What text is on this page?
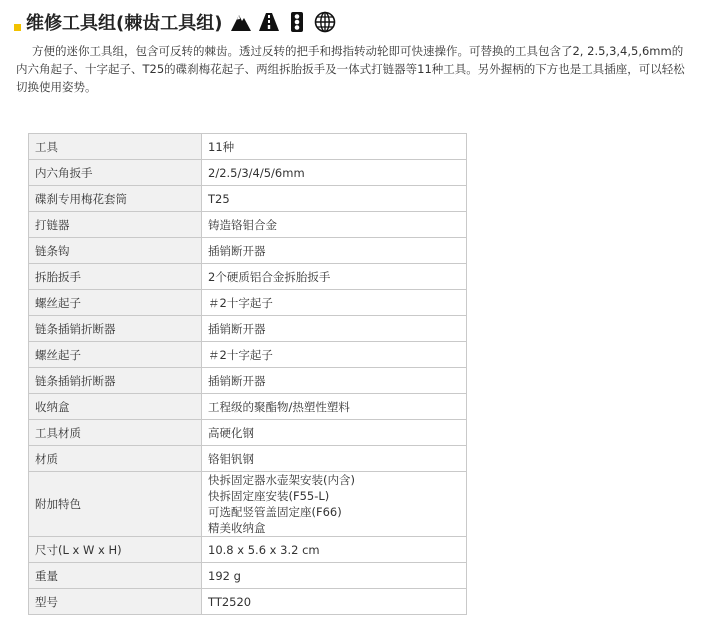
维修工具组(棘齿工具组)

方便的迷你工具组，包含可反转的棘齿。透过反转的把手和拇指转动轮即可快速操作。可替换的工具包含了2, 2.5,3,4,5,6mm的内六角起子、十字起子、T25的碟刹梅花起子、两组拆胎扳手及一体式打链器等11种工具。另外握柄的下方也是工具插座，可以轻松切换使用姿势。

工具	11种
内六角扳手	2/2.5/3/4/5/6mm
碟刹专用梅花套筒	T25
打链器	铸造铬钼合金
链条钩	插销断开器
拆胎扳手	2个硬质铝合金拆胎扳手
螺丝起子	＃2十字起子
链条插销折断器	插销断开器
螺丝起子	＃2十字起子
链条插销折断器	插销断开器
收纳盒	工程级的聚酯物/热塑性塑料
工具材质	高硬化钢
材质	铬钼钒钢
附加特色	快拆固定器水壶架安装(内含)
快拆固定座安装(F55-L)
可选配竖管盖固定座(F66)
精美收纳盒

尺寸(L x W x H)	10.8 x 5.6 x 3.2 cm
重量	192 g
型号	TT2520
